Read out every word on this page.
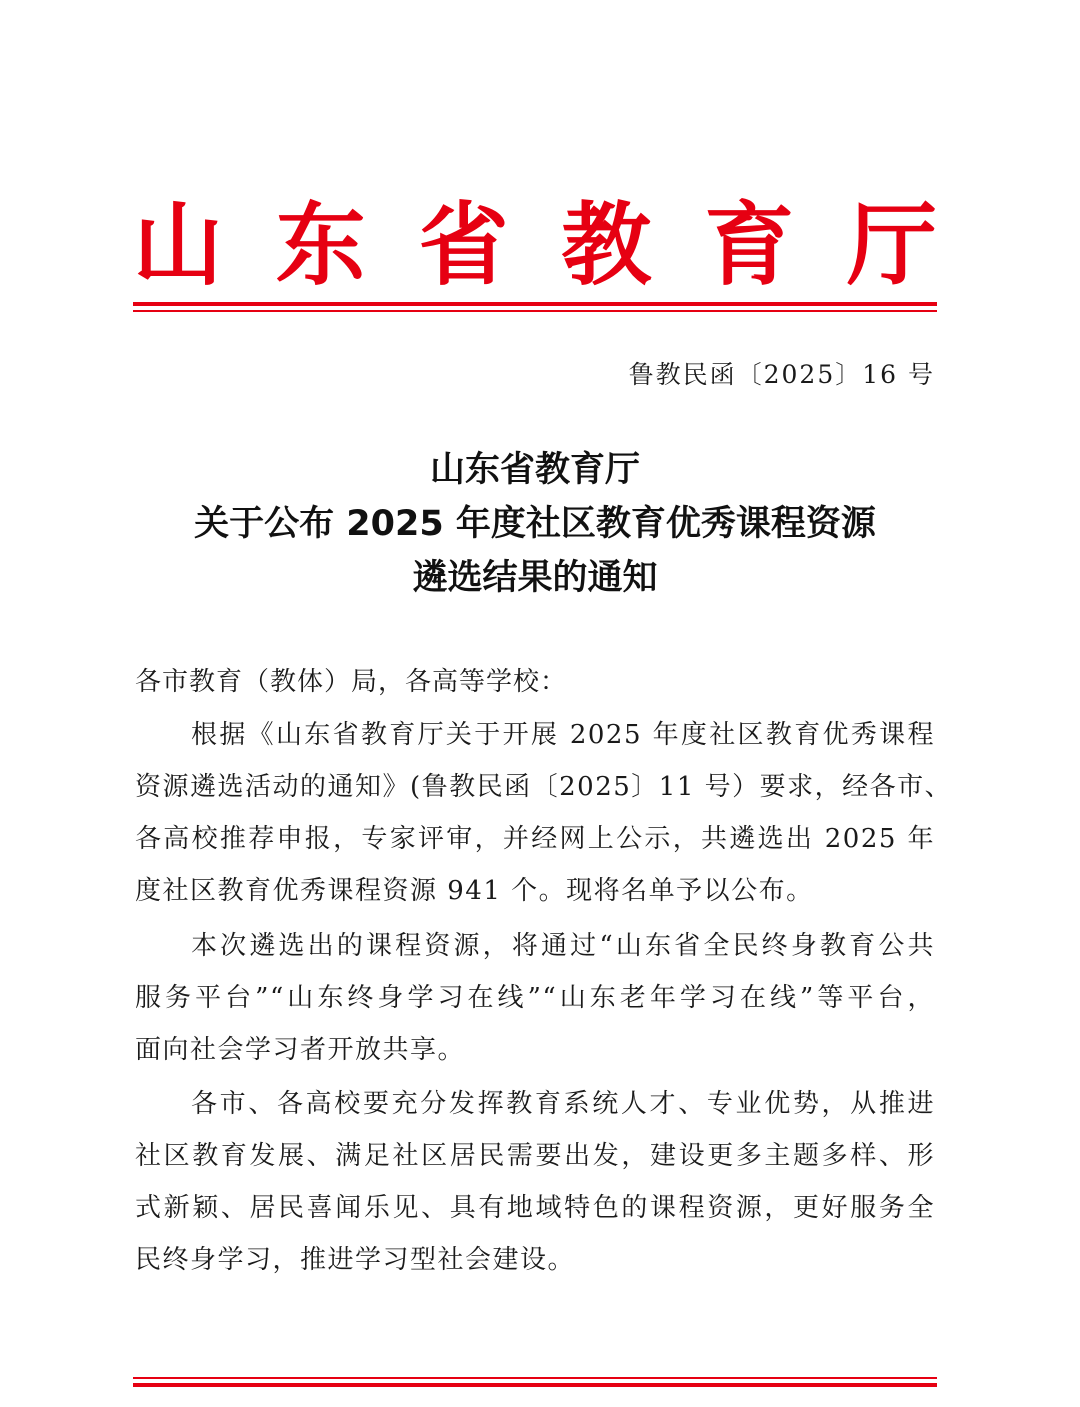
山 东 省 教 育 厅
鲁教民函〔2025〕16 号
山东省教育厅
关于公布 2025 年度社区教育优秀课程资源
遴选结果的通知
各市教育（教体）局，各高等学校：
根据《山东省教育厅关于开展 2025 年度社区教育优秀课程
资源遴选活动的通知》(鲁教民函〔2025〕11 号）要求，经各市、
各高校推荐申报，专家评审，并经网上公示，共遴选出 2025 年
度社区教育优秀课程资源 941 个。现将名单予以公布。
本次遴选出的课程资源，将通过“山东省全民终身教育公共
服务平台”“山东终身学习在线”“山东老年学习在线”等平台，
面向社会学习者开放共享。
各市、各高校要充分发挥教育系统人才、专业优势，从推进
社区教育发展、满足社区居民需要出发，建设更多主题多样、形
式新颖、居民喜闻乐见、具有地域特色的课程资源，更好服务全
民终身学习，推进学习型社会建设。
